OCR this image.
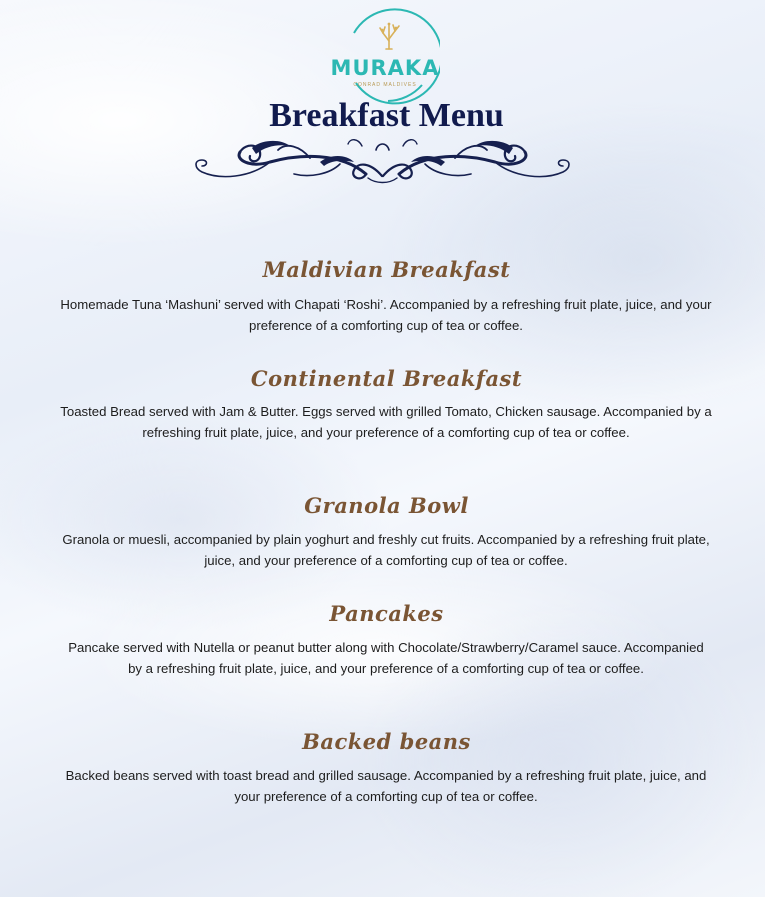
MURAKA
CONRAD MALDIVES
Breakfast Menu
Maldivian Breakfast
Homemade Tuna ‘Mashuni’ served with Chapati ‘Roshi’. Accompanied by a refreshing fruit plate, juice, and your preference of a comforting cup of tea or coffee.
Continental Breakfast
Toasted Bread served with Jam & Butter. Eggs served with grilled Tomato, Chicken sausage. Accompanied by a refreshing fruit plate, juice, and your preference of a comforting cup of tea or coffee.
Granola Bowl
Granola or muesli, accompanied by plain yoghurt and freshly cut fruits. Accompanied by a refreshing fruit plate, juice, and your preference of a comforting cup of tea or coffee.
Pancakes
Pancake served with Nutella or peanut butter along with Chocolate/Strawberry/Caramel sauce. Accompanied by a refreshing fruit plate, juice, and your preference of a comforting cup of tea or coffee.
Backed beans
Backed beans served with toast bread and grilled sausage. Accompanied by a refreshing fruit plate, juice, and your preference of a comforting cup of tea or coffee.
